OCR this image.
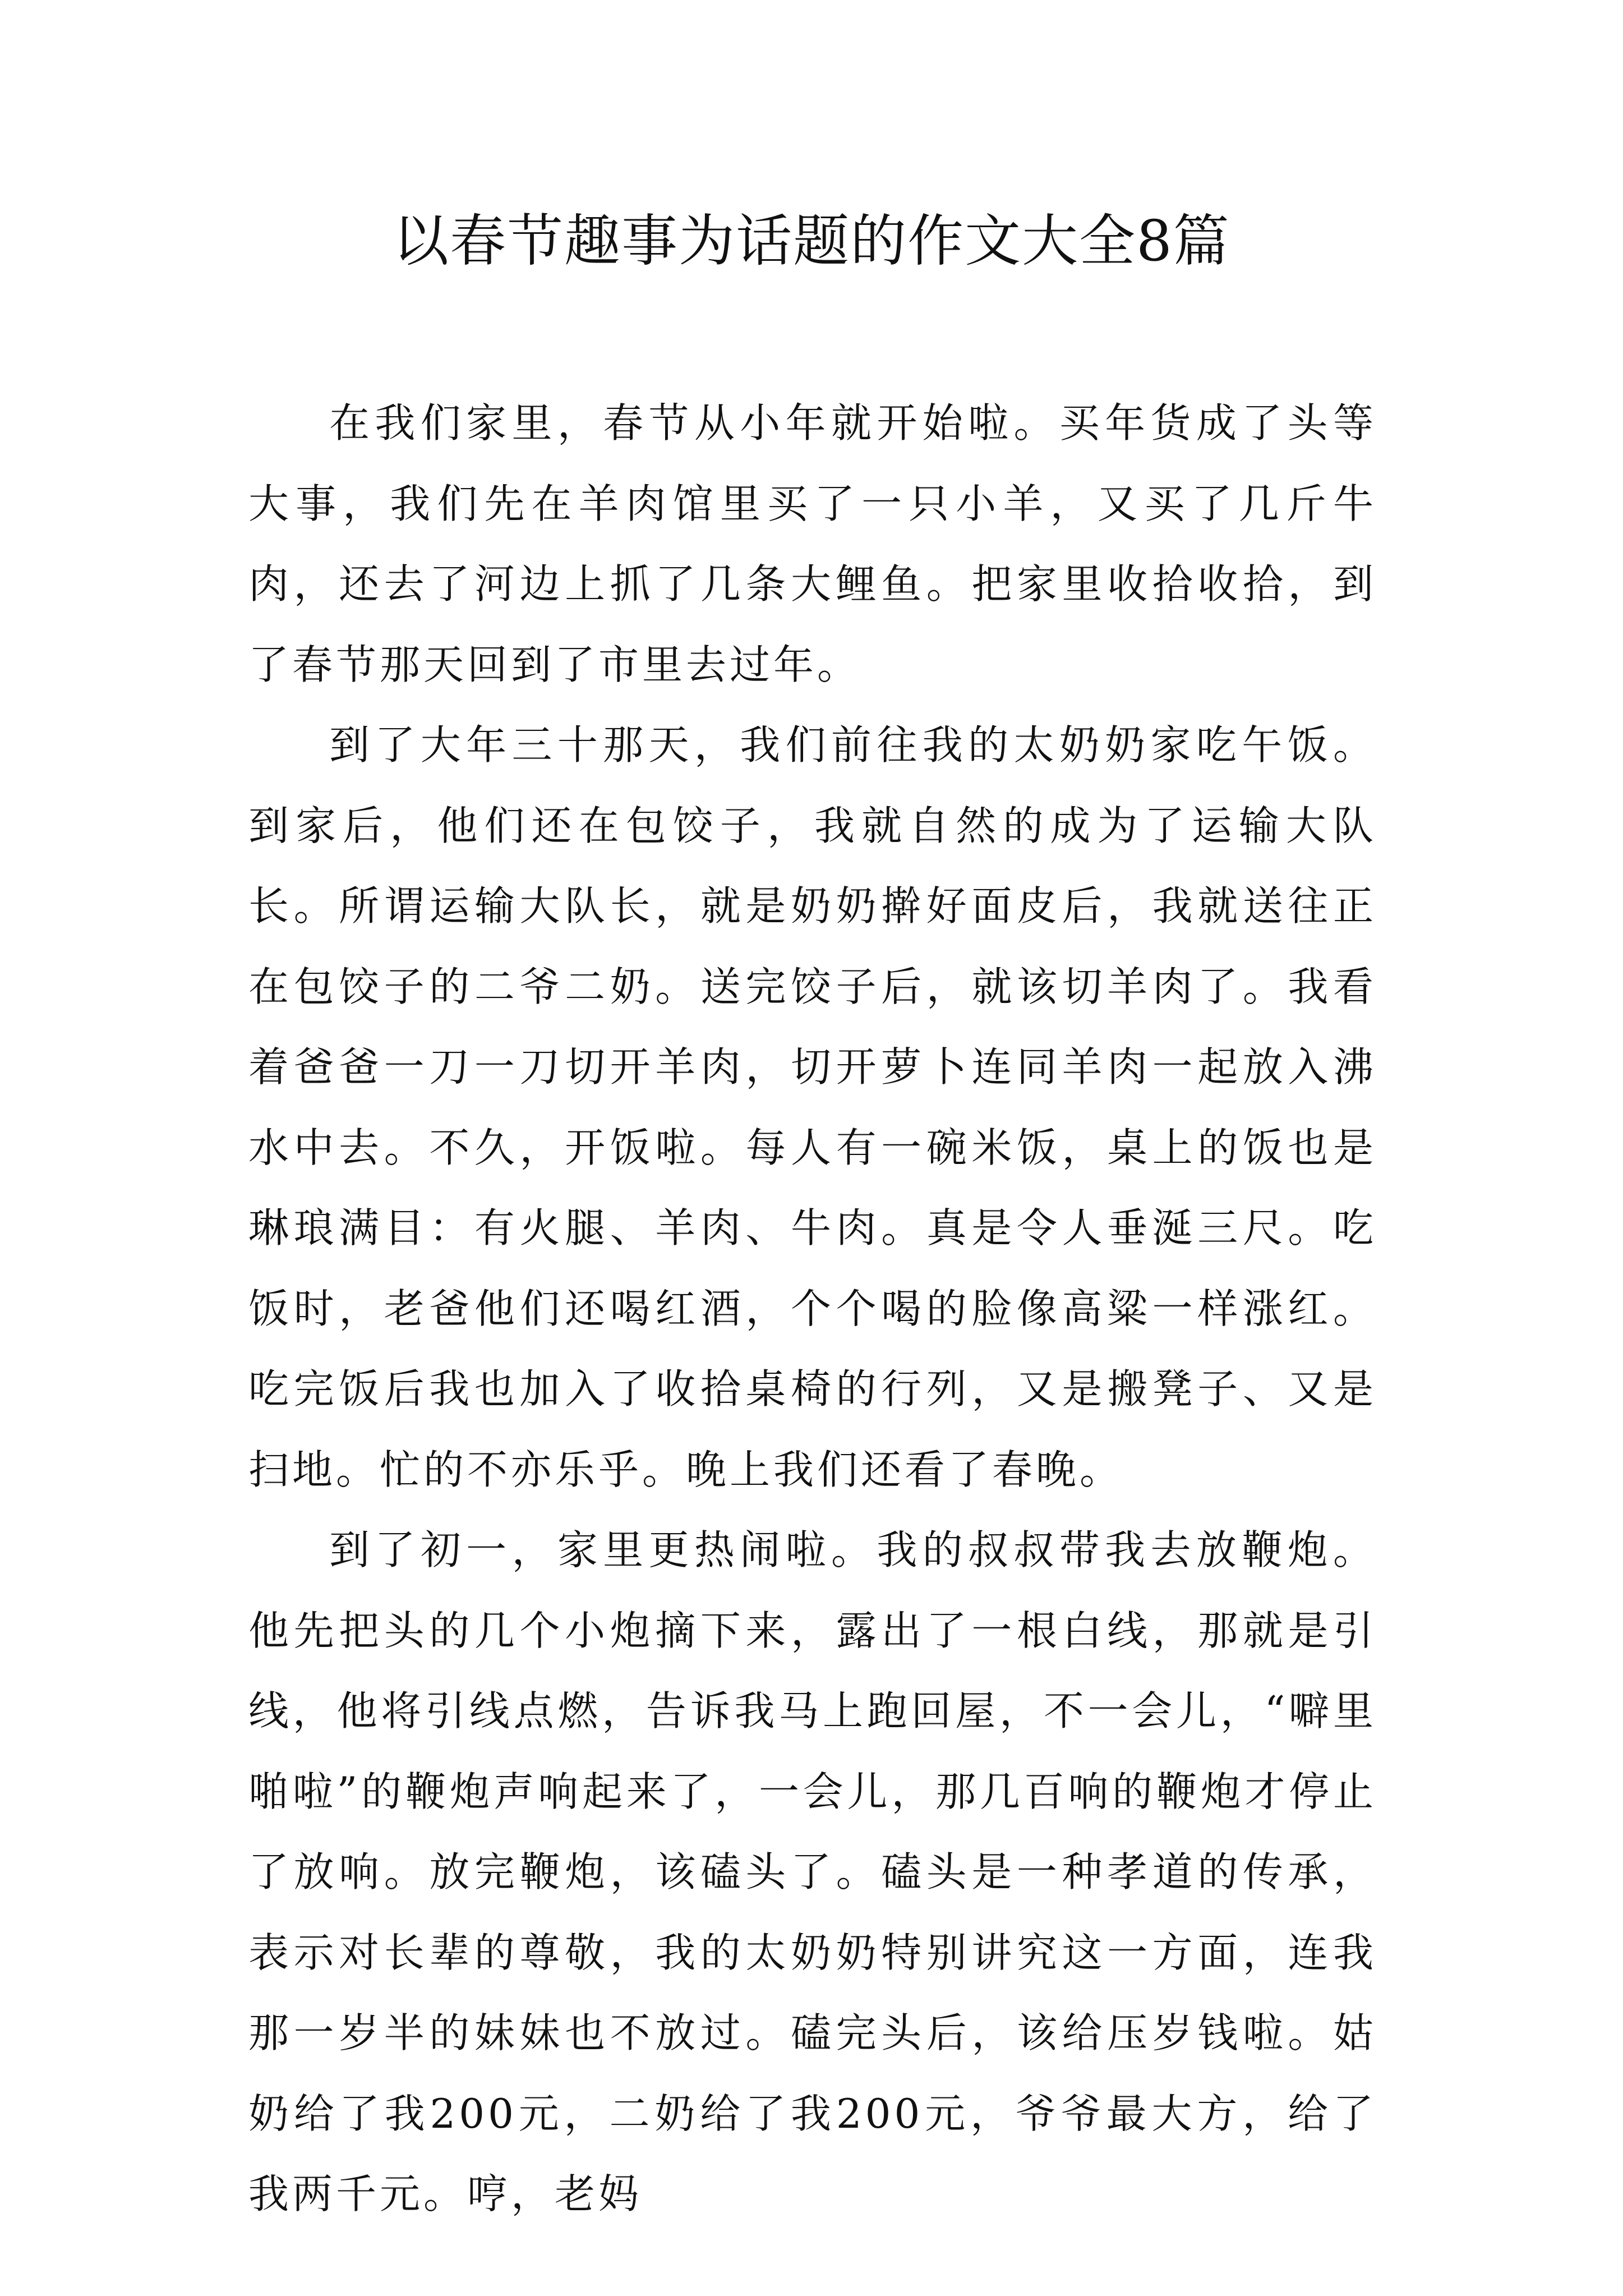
以春节趣事为话题的作文大全8篇

在我们家里，春节从小年就开始啦。买年货成了头等大事，我们先在羊肉馆里买了一只小羊，又买了几斤牛肉，还去了河边上抓了几条大鲤鱼。把家里收拾收拾，到了春节那天回到了市里去过年。

到了大年三十那天，我们前往我的太奶奶家吃午饭。到家后，他们还在包饺子，我就自然的成为了运输大队长。所谓运输大队长，就是奶奶擀好面皮后，我就送往正在包饺子的二爷二奶。送完饺子后，就该切羊肉了。我看着爸爸一刀一刀切开羊肉，切开萝卜连同羊肉一起放入沸水中去。不久，开饭啦。每人有一碗米饭，桌上的饭也是琳琅满目：有火腿、羊肉、牛肉。真是令人垂涎三尺。吃饭时，老爸他们还喝红酒，个个喝的脸像高粱一样涨红。吃完饭后我也加入了收拾桌椅的行列，又是搬凳子、又是扫地。忙的不亦乐乎。晚上我们还看了春晚。

到了初一，家里更热闹啦。我的叔叔带我去放鞭炮。他先把头的几个小炮摘下来，露出了一根白线，那就是引线，他将引线点燃，告诉我马上跑回屋，不一会儿，“噼里啪啦”的鞭炮声响起来了，一会儿，那几百响的鞭炮才停止了放响。放完鞭炮，该磕头了。磕头是一种孝道的传承，表示对长辈的尊敬，我的太奶奶特别讲究这一方面，连我那一岁半的妹妹也不放过。磕完头后，该给压岁钱啦。姑奶给了我200元，二奶给了我200元，爷爷最大方，给了我两千元。哼，老妈
